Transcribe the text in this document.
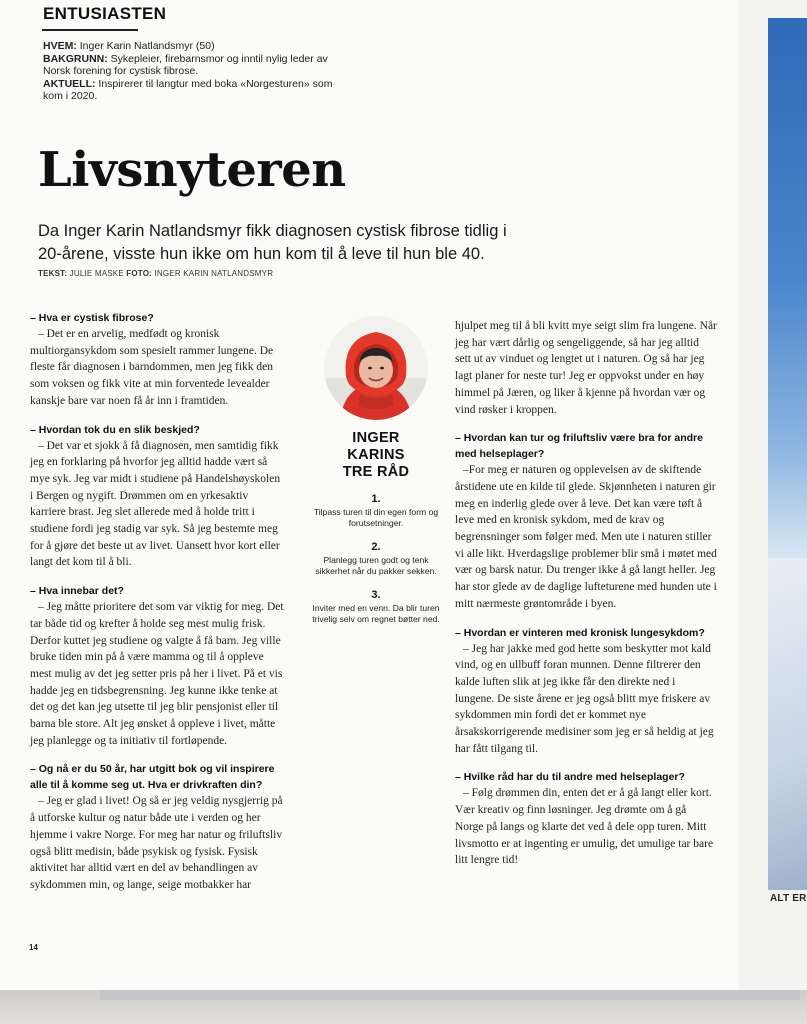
ENTUSIASTEN

HVEM: Inger Karin Natlandsmyr (50)

BAKGRUNN: Sykepleier, firebarnsmor og inntil nylig leder av Norsk forening for cystisk fibrose.

AKTUELL: Inspirerer til langtur med boka «Norgesturen» som kom i 2020.

Livsnyteren
Da Inger Karin Natlandsmyr fikk diagnosen cystisk fibrose tidlig i 20-årene, visste hun ikke om hun kom til å leve til hun ble 40.
TEKST: JULIE MASKE FOTO: INGER KARIN NATLANDSMYR

– Hva er cystisk fibrose?

– Det er en arvelig, medfødt og kronisk multiorgansykdom som spesielt rammer lungene. De fleste får diagnosen i barndommen, men jeg fikk den som voksen og fikk vite at min forventede levealder kanskje bare var noen få år inn i framtiden.

– Hvordan tok du en slik beskjed?

– Det var et sjokk å få diagnosen, men samtidig fikk jeg en forklaring på hvorfor jeg alltid hadde vært så mye syk. Jeg var midt i studiene på Handelshøyskolen i Bergen og nygift. Drømmen om en yrkesaktiv karriere brast. Jeg slet allerede med å holde tritt i studiene fordi jeg stadig var syk. Så jeg bestemte meg for å gjøre det beste ut av livet. Uansett hvor kort eller langt det kom til å bli.

– Hva innebar det?

– Jeg måtte prioritere det som var viktig for meg. Det tar både tid og krefter å holde seg mest mulig frisk. Derfor kuttet jeg studiene og valgte å få barn. Jeg ville bruke tiden min på å være mamma og til å oppleve mest mulig av det jeg setter pris på her i livet. På et vis hadde jeg en tidsbegrensning. Jeg kunne ikke tenke at det og det kan jeg utsette til jeg blir pensjonist eller til barna ble store. Alt jeg ønsket å oppleve i livet, måtte jeg planlegge og ta initiativ til fortløpende.

– Og nå er du 50 år, har utgitt bok og vil inspirere alle til å komme seg ut. Hva er drivkraften din?

– Jeg er glad i livet! Og så er jeg veldig nysgjerrig på å utforske kultur og natur både ute i verden og her hjemme i vakre Norge. For meg har natur og friluftsliv også blitt medisin, både psykisk og fysisk. Fysisk aktivitet har alltid vært en del av behandlingen av sykdommen min, og lange, seige motbakker har

INGER
KARINS
TRE RÅD
1.
Tilpass turen til din egen form og forutsetninger.
2.
Planlegg turen godt og tenk sikkerhet når du pakker sekken.
3.
Inviter med en venn. Da blir turen trivelig selv om regnet bøtter ned.

hjulpet meg til å bli kvitt mye seigt slim fra lungene. Når jeg har vært dårlig og sengeliggende, så har jeg alltid sett ut av vinduet og lengtet ut i naturen. Og så har jeg lagt planer for neste tur! Jeg er oppvokst under en høy himmel på Jæren, og liker å kjenne på hvordan vær og vind røsker i kroppen.

– Hvordan kan tur og friluftsliv være bra for andre med helseplager?

–For meg er naturen og opplevelsen av de skiftende årstidene ute en kilde til glede. Skjønnheten i naturen gir meg en inderlig glede over å leve. Det kan være tøft å leve med en kronisk sykdom, med de krav og begrensninger som følger med. Men ute i naturen stiller vi alle likt. Hverdagslige problemer blir små i møtet med vær og barsk natur. Du trenger ikke å gå langt heller. Jeg har stor glede av de daglige lufteturene med hunden ute i mitt nærmeste grøntområde i byen.

– Hvordan er vinteren med kronisk lungesykdom?

– Jeg har jakke med god hette som beskytter mot kald vind, og en ullbuff foran munnen. Denne filtrerer den kalde luften slik at jeg ikke får den direkte ned i lungene. De siste årene er jeg også blitt mye friskere av sykdommen min fordi det er kommet nye årsakskorrigerende medisiner som jeg er så heldig at jeg har fått tilgang til.

– Hvilke råd har du til andre med helseplager?

– Følg drømmen din, enten det er å gå langt eller kort. Vær kreativ og finn løsninger. Jeg drømte om å gå Norge på langs og klarte det ved å dele opp turen. Mitt livsmotto er at ingenting er umulig, det umulige tar bare litt lengre tid!

14
ALT ER
